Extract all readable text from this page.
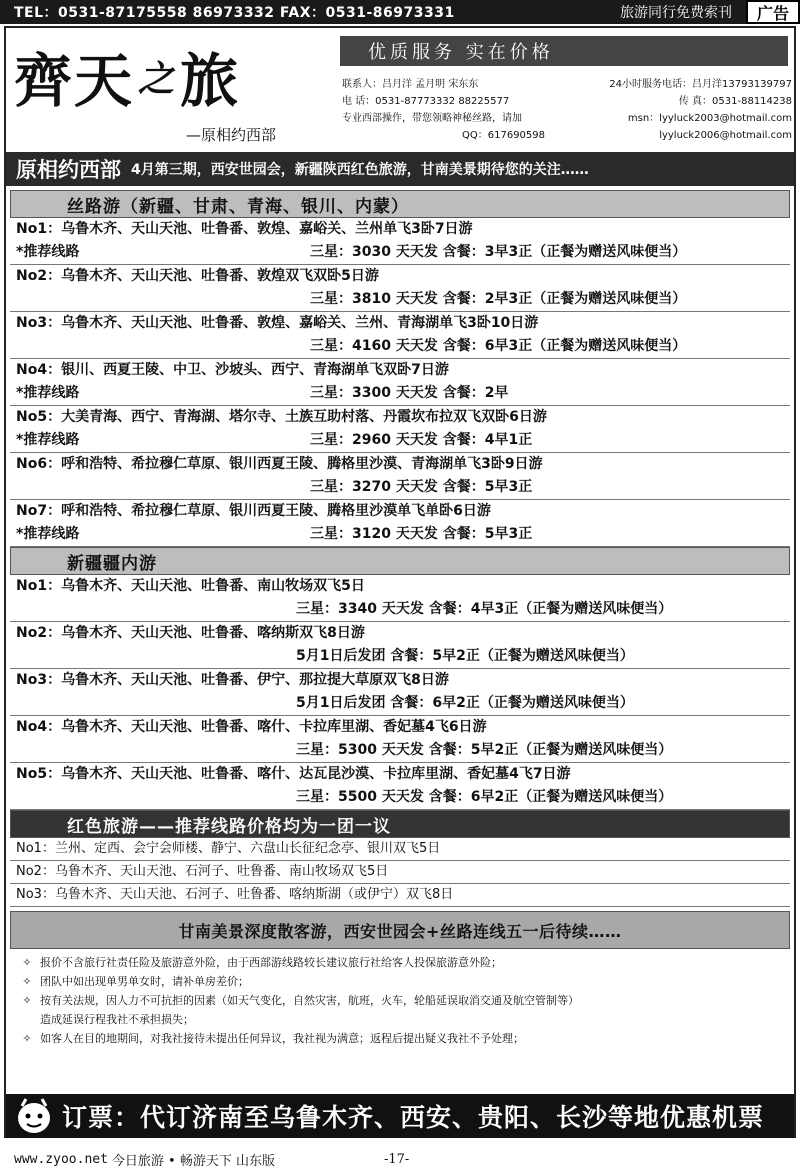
TEL：0531-87175558 86973332 FAX：0531-86973331	旅游同行免费索刊	广告
齊天 之 旅
—原相约西部
优质服务 实在价格
联系人：吕月洋 孟月明 宋东东	24小时服务电话：吕月洋13793139797
电 话：0531-87773332 88225577	传 真：0531-88114238
专业西部操作，带您领略神秘丝路，请加	msn：lyyluck2003@hotmail.com
QQ：617690598	lyyluck2006@hotmail.com
原相约西部 4月第三期，西安世园会，新疆陕西红色旅游，甘南美景期待您的关注……
丝路游（新疆、甘肃、青海、银川、内蒙）
No1：乌鲁木齐、天山天池、吐鲁番、敦煌、嘉峪关、兰州单飞3卧7日游
*推荐线路	三星：3030 天天发 含餐：3早3正（正餐为赠送风味便当）
No2：乌鲁木齐、天山天池、吐鲁番、敦煌双飞双卧5日游
三星：3810 天天发 含餐：2早3正（正餐为赠送风味便当）
No3：乌鲁木齐、天山天池、吐鲁番、敦煌、嘉峪关、兰州、青海湖单飞3卧10日游
三星：4160 天天发 含餐：6早3正（正餐为赠送风味便当）
No4：银川、西夏王陵、中卫、沙坡头、西宁、青海湖单飞双卧7日游
*推荐线路	三星：3300 天天发 含餐：2早
No5：大美青海、西宁、青海湖、塔尔寺、土族互助村落、丹霞坎布拉双飞双卧6日游
*推荐线路	三星：2960 天天发 含餐：4早1正
No6：呼和浩特、希拉穆仁草原、银川西夏王陵、腾格里沙漠、青海湖单飞3卧9日游
三星：3270 天天发 含餐：5早3正
No7：呼和浩特、希拉穆仁草原、银川西夏王陵、腾格里沙漠单飞单卧6日游
*推荐线路	三星：3120 天天发 含餐：5早3正
新疆疆内游
No1：乌鲁木齐、天山天池、吐鲁番、南山牧场双飞5日
三星：3340 天天发 含餐：4早3正（正餐为赠送风味便当）
No2：乌鲁木齐、天山天池、吐鲁番、喀纳斯双飞8日游
5月1日后发团 含餐：5早2正（正餐为赠送风味便当）
No3：乌鲁木齐、天山天池、吐鲁番、伊宁、那拉提大草原双飞8日游
5月1日后发团 含餐：6早2正（正餐为赠送风味便当）
No4：乌鲁木齐、天山天池、吐鲁番、喀什、卡拉库里湖、香妃墓4飞6日游
三星：5300 天天发 含餐：5早2正（正餐为赠送风味便当）
No5：乌鲁木齐、天山天池、吐鲁番、喀什、达瓦昆沙漠、卡拉库里湖、香妃墓4飞7日游
三星：5500 天天发 含餐：6早2正（正餐为赠送风味便当）
红色旅游——推荐线路价格均为一团一议
No1：兰州、定西、会宁会师楼、静宁、六盘山长征纪念亭、银川双飞5日
No2：乌鲁木齐、天山天池、石河子、吐鲁番、南山牧场双飞5日
No3：乌鲁木齐、天山天池、石河子、吐鲁番、喀纳斯湖（或伊宁）双飞8日
甘南美景深度散客游，西安世园会+丝路连线五一后待续……
✧ 报价不含旅行社责任险及旅游意外险，由于西部游线路较长建议旅行社给客人投保旅游意外险；
✧ 团队中如出现单男单女时，请补单房差价；
✧ 按有关法规，因人力不可抗拒的因素（如天气变化，自然灾害，航班，火车，轮船延误取消交通及航空管制等）
造成延误行程我社不承担损失；
✧ 如客人在目的地期间，对我社接待未提出任何异议，我社视为满意；返程后提出疑义我社不予处理；
订票：代订济南至乌鲁木齐、西安、贵阳、长沙等地优惠机票
www.zyoo.net 今日旅游 • 畅游天下 山东版	-17-
